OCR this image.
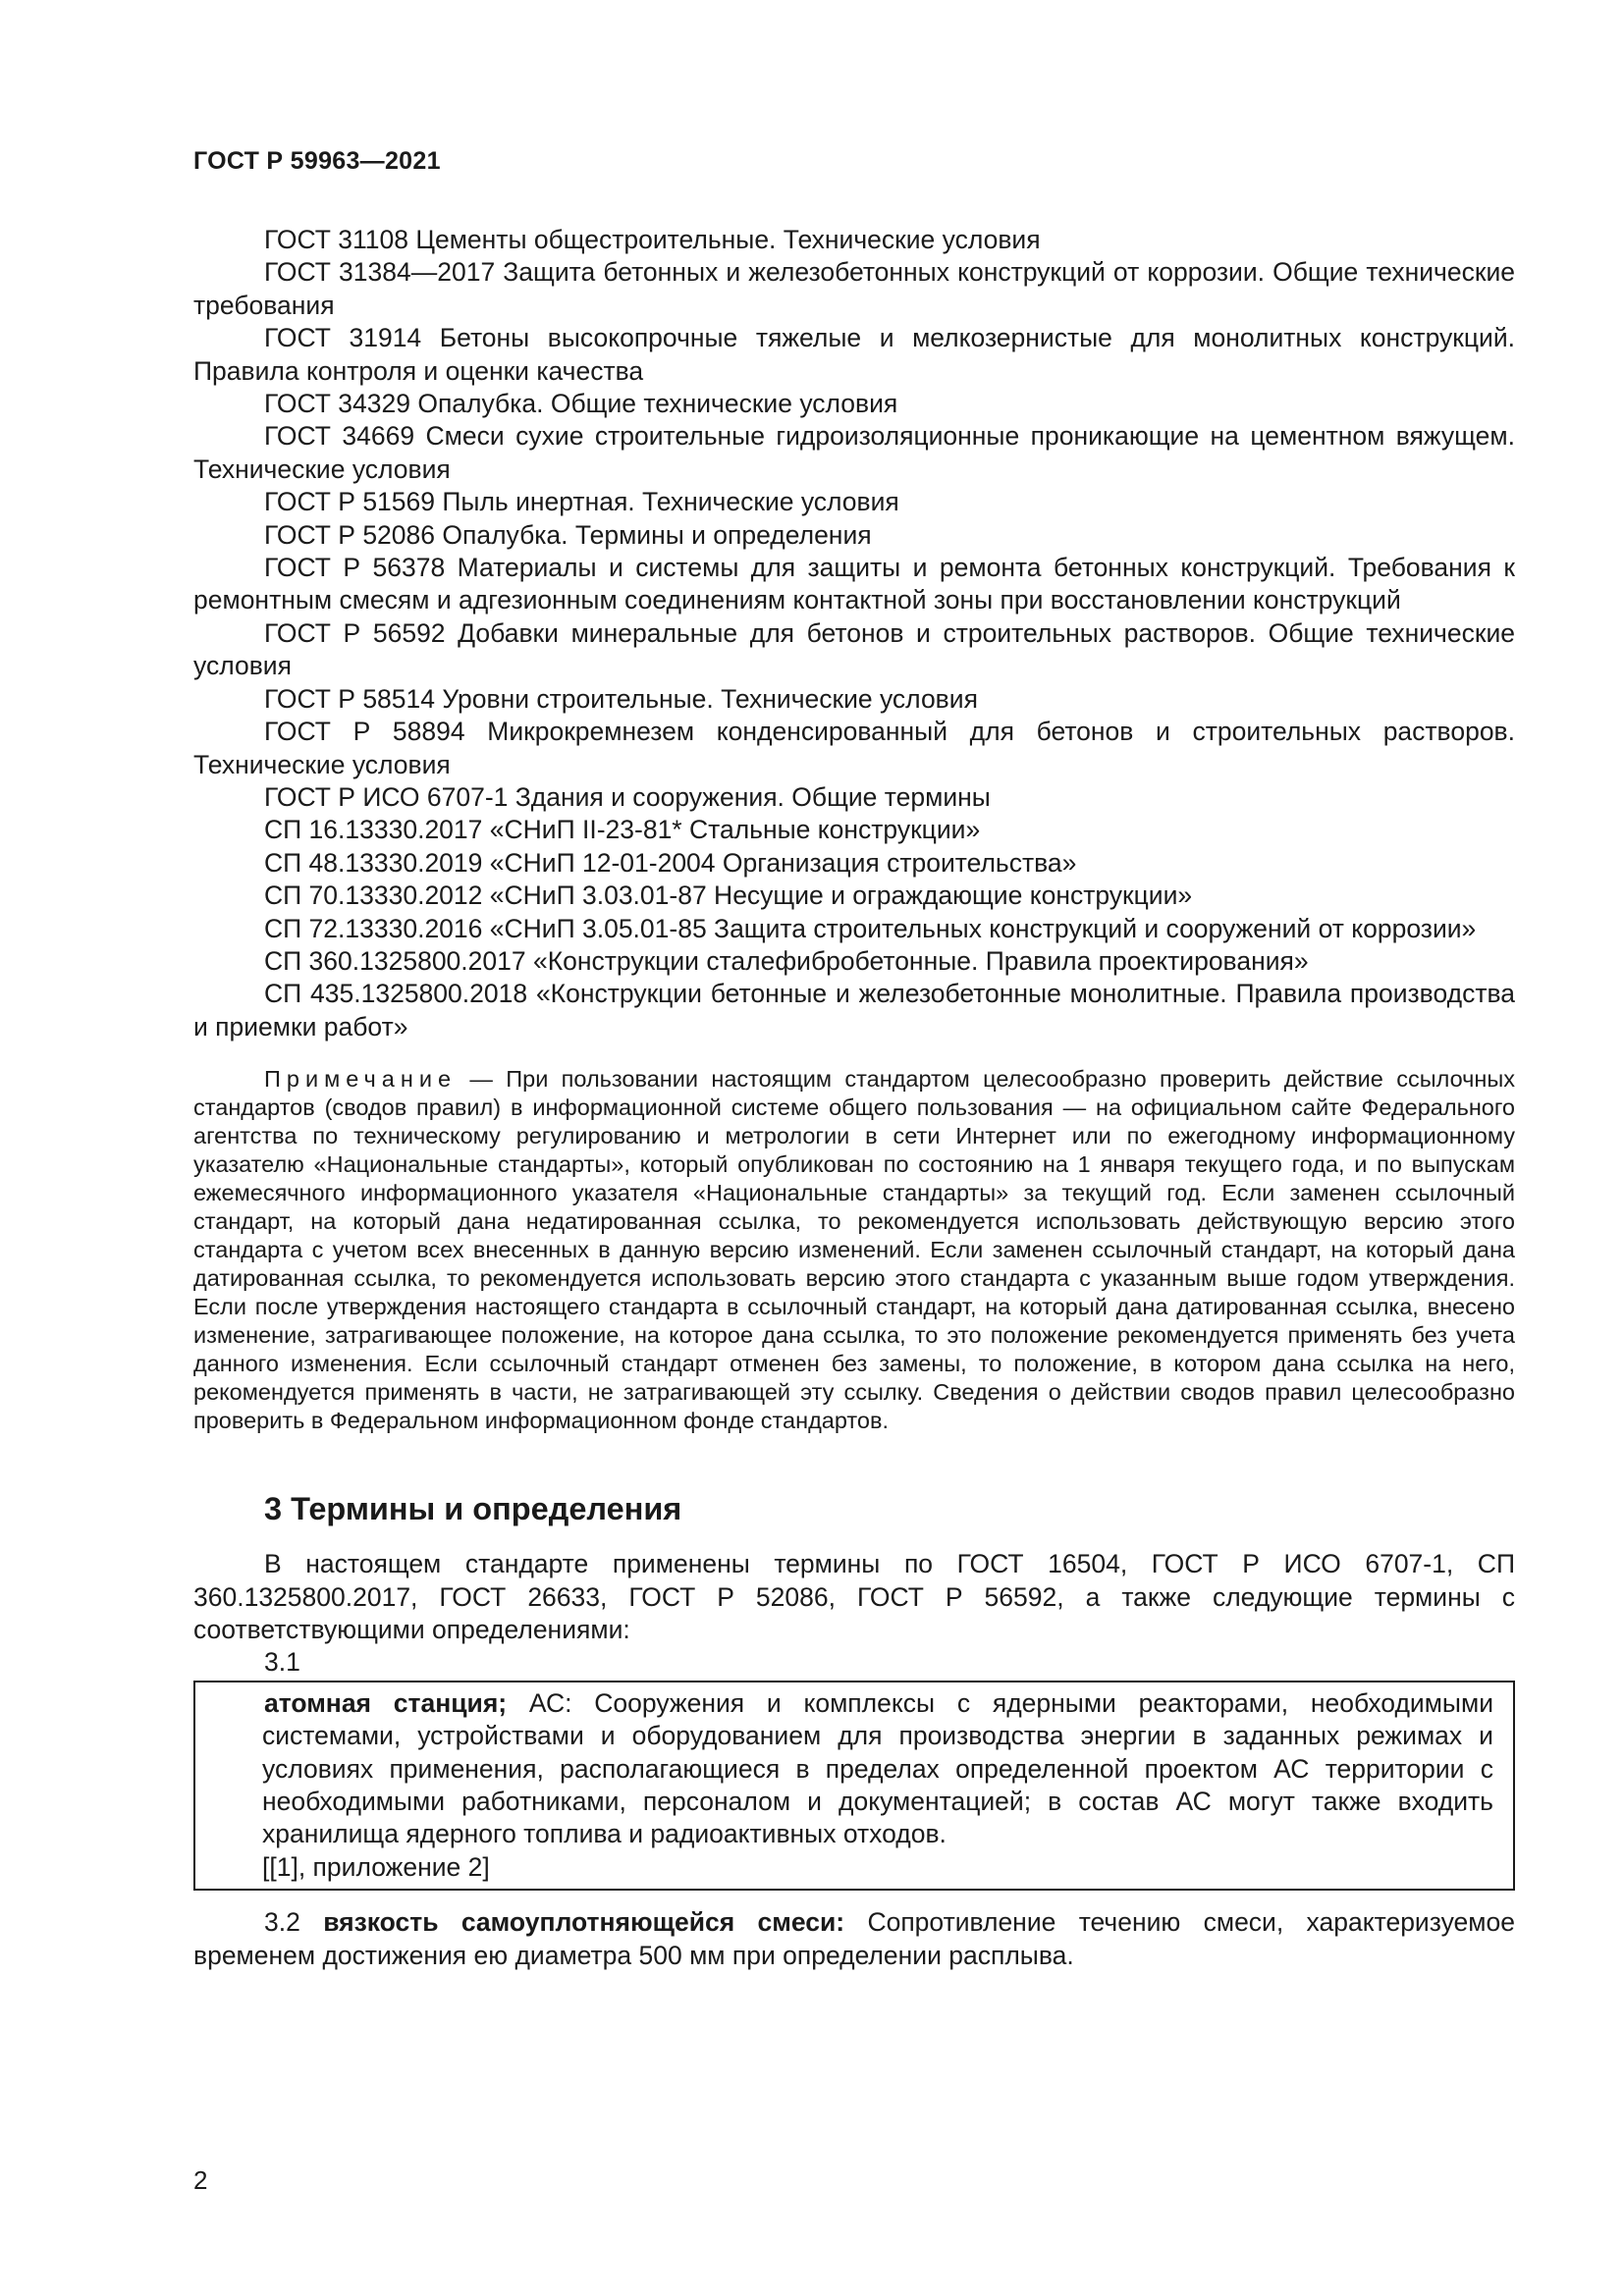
ГОСТ Р 59963—2021

ГОСТ 31108 Цементы общестроительные. Технические условия

ГОСТ 31384—2017 Защита бетонных и железобетонных конструкций от коррозии. Общие технические требования

ГОСТ 31914 Бетоны высокопрочные тяжелые и мелкозернистые для монолитных конструкций. Правила контроля и оценки качества

ГОСТ 34329 Опалубка. Общие технические условия

ГОСТ 34669 Смеси сухие строительные гидроизоляционные проникающие на цементном вяжущем. Технические условия

ГОСТ Р 51569 Пыль инертная. Технические условия

ГОСТ Р 52086 Опалубка. Термины и определения

ГОСТ Р 56378 Материалы и системы для защиты и ремонта бетонных конструкций. Требования к ремонтным смесям и адгезионным соединениям контактной зоны при восстановлении конструкций

ГОСТ Р 56592 Добавки минеральные для бетонов и строительных растворов. Общие технические условия

ГОСТ Р 58514 Уровни строительные. Технические условия

ГОСТ Р 58894 Микрокремнезем конденсированный для бетонов и строительных растворов. Технические условия

ГОСТ Р ИСО 6707-1 Здания и сооружения. Общие термины

СП 16.13330.2017 «СНиП II-23-81* Стальные конструкции»

СП 48.13330.2019 «СНиП 12-01-2004 Организация строительства»

СП 70.13330.2012 «СНиП 3.03.01-87 Несущие и ограждающие конструкции»

СП 72.13330.2016 «СНиП 3.05.01-85 Защита строительных конструкций и сооружений от коррозии»

СП 360.1325800.2017 «Конструкции сталефибробетонные. Правила проектирования»

СП 435.1325800.2018 «Конструкции бетонные и железобетонные монолитные. Правила производства и приемки работ»

Примечание — При пользовании настоящим стандартом целесообразно проверить действие ссылочных стандартов (сводов правил) в информационной системе общего пользования — на официальном сайте Федерального агентства по техническому регулированию и метрологии в сети Интернет или по ежегодному информационному указателю «Национальные стандарты», который опубликован по состоянию на 1 января текущего года, и по выпускам ежемесячного информационного указателя «Национальные стандарты» за текущий год. Если заменен ссылочный стандарт, на который дана недатированная ссылка, то рекомендуется использовать действующую версию этого стандарта с учетом всех внесенных в данную версию изменений. Если заменен ссылочный стандарт, на который дана датированная ссылка, то рекомендуется использовать версию этого стандарта с указанным выше годом утверждения. Если после утверждения настоящего стандарта в ссылочный стандарт, на который дана датированная ссылка, внесено изменение, затрагивающее положение, на которое дана ссылка, то это положение рекомендуется применять без учета данного изменения. Если ссылочный стандарт отменен без замены, то положение, в котором дана ссылка на него, рекомендуется применять в части, не затрагивающей эту ссылку. Сведения о действии сводов правил целесообразно проверить в Федеральном информационном фонде стандартов.

3 Термины и определения

В настоящем стандарте применены термины по ГОСТ 16504, ГОСТ Р ИСО 6707-1, СП 360.1325800.2017, ГОСТ 26633, ГОСТ Р 52086, ГОСТ Р 56592, а также следующие термины с соответствующими определениями:

3.1

атомная станция; АС: Сооружения и комплексы с ядерными реакторами, необходимыми системами, устройствами и оборудованием для производства энергии в заданных режимах и условиях применения, располагающиеся в пределах определенной проектом АС территории с необходимыми работниками, персоналом и документацией; в состав АС могут также входить хранилища ядерного топлива и радиоактивных отходов.

[[1], приложение 2]

3.2 вязкость самоуплотняющейся смеси: Сопротивление течению смеси, характеризуемое временем достижения ею диаметра 500 мм при определении расплыва.

2
